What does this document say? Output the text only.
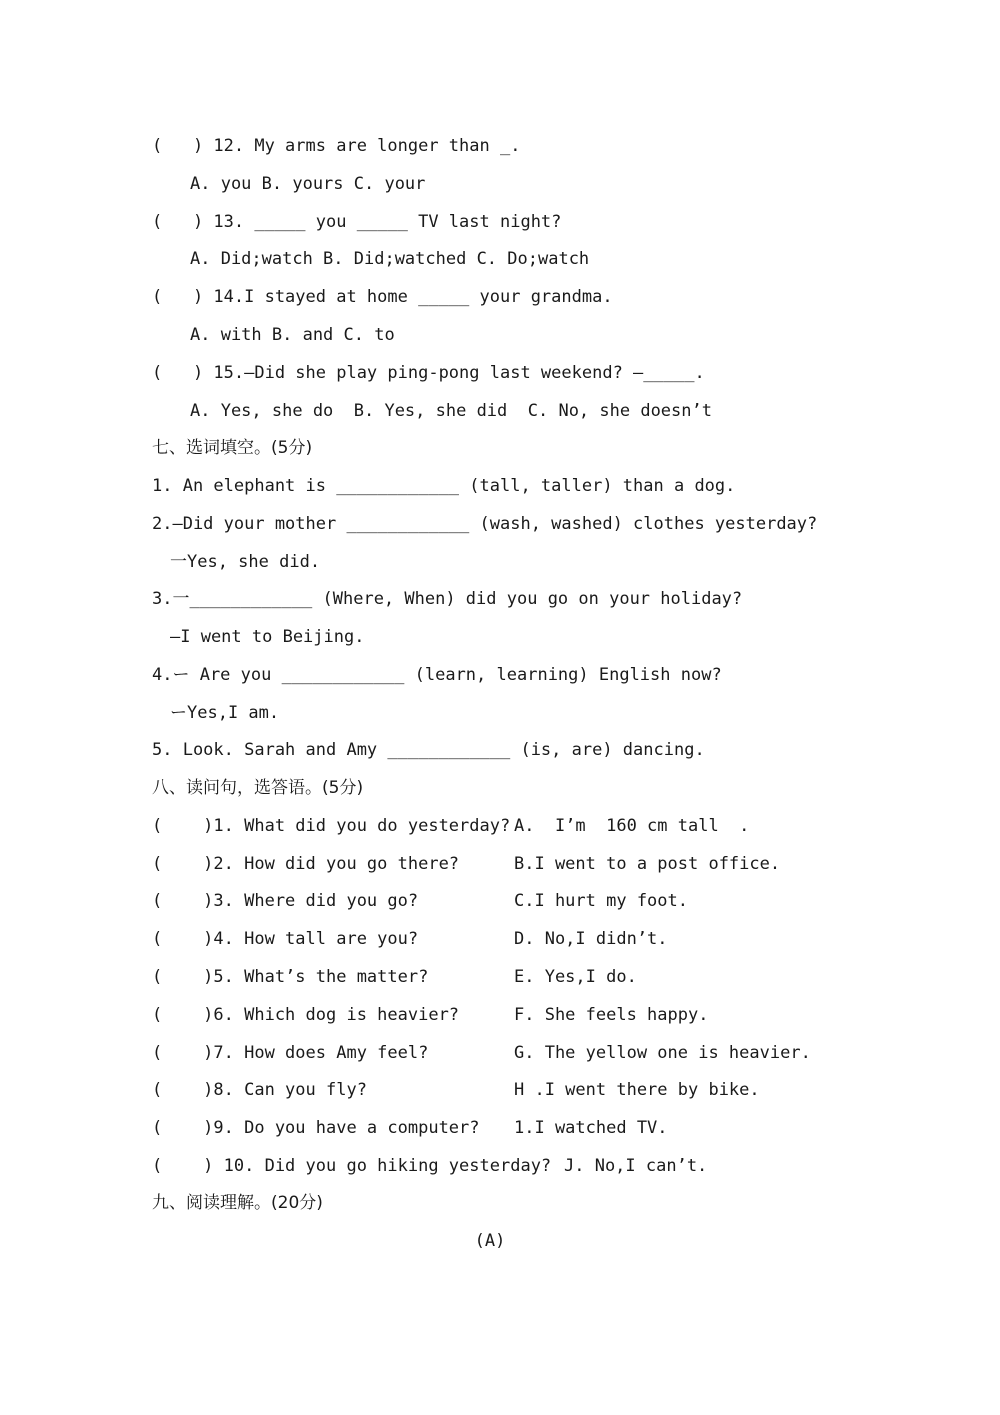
(   ) 12. My arms are longer than _.
A. you B. yours C. your
(   ) 13. _____ you _____ TV last night?
A. Did;watch B. Did;watched C. Do;watch
(   ) 14.I stayed at home _____ your grandma.
A. with B. and C. to
(   ) 15.—Did she play ping-pong last weekend? —_____.
A. Yes, she do  B. Yes, she did  C. No, she doesn’t
七、选词填空。(5分)
1. An elephant is ____________ (tall, taller) than a dog.
2.—Did your mother ____________ (wash, washed) clothes yesterday?
一Yes, she did.
3.一____________ (Where, When) did you go on your holiday?
—I went to Beijing.
4.ー Are you ____________ (learn, learning) English now?
ーYes,I am.
5. Look. Sarah and Amy ____________ (is, are) dancing.
八、读问句，选答语。(5分)
(    )1. What did you do yesterday? A.  I’m  160 cm tall  .
(    )2. How did you go there?	B.I went to a post office.
(    )3. Where did you go?	C.I hurt my foot.
(    )4. How tall are you?	D. No,I didn’t.
(    )5. What’s the matter?	E. Yes,I do.
(    )6. Which dog is heavier?	F. She feels happy.
(    )7. How does Amy feel?	G. The yellow one is heavier.
(    )8. Can you fly?	H .I went there by bike.
(    )9. Do you have a computer? 1.I watched TV.
(    ) 10. Did you go hiking yesterday? J. No,I can’t.
九、阅读理解。(20分)
(A)
